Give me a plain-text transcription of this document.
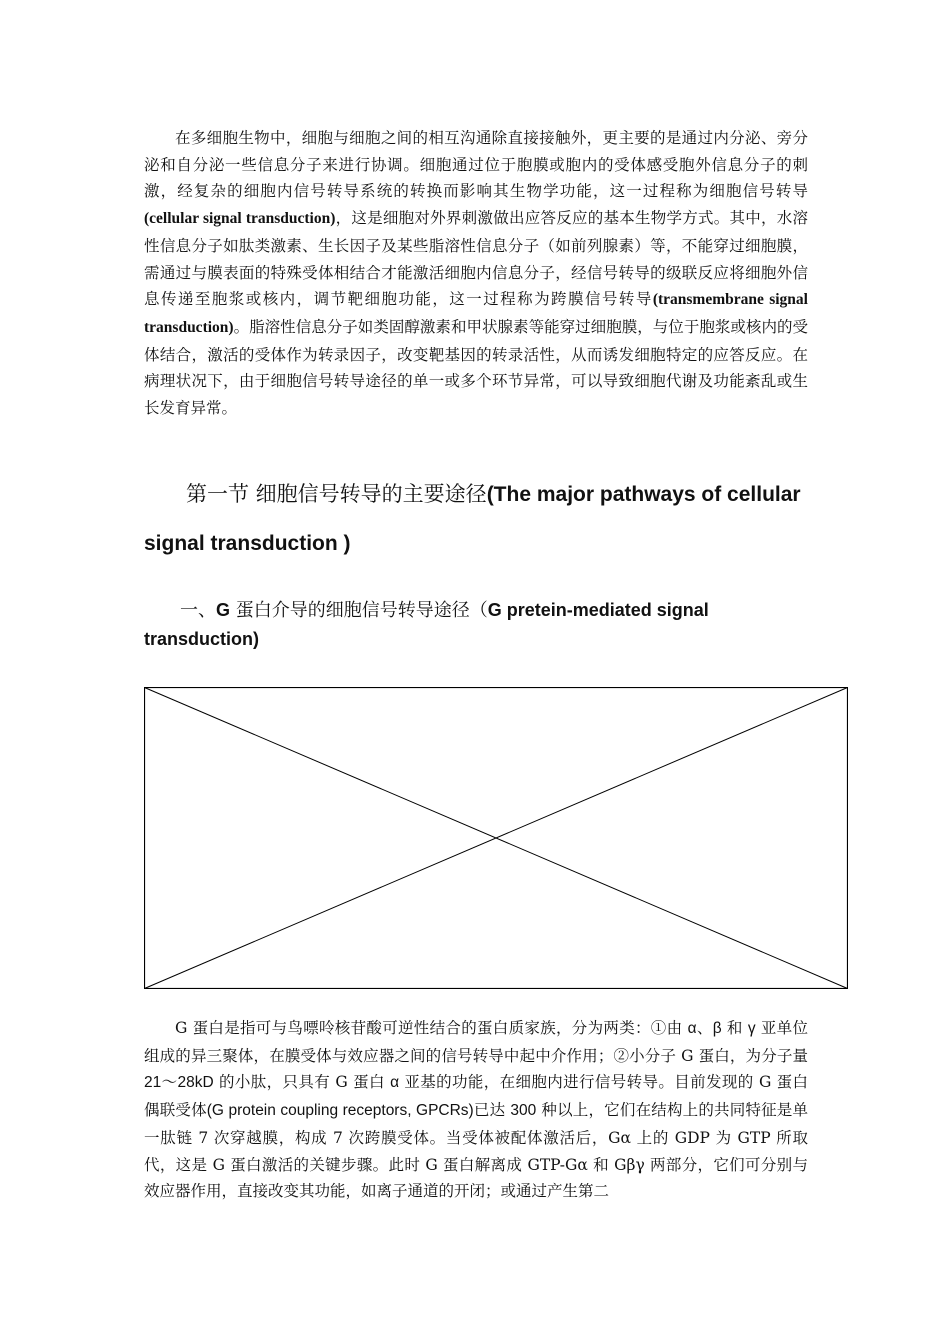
在多细胞生物中，细胞与细胞之间的相互沟通除直接接触外，更主要的是通过内分泌、旁分泌和自分泌一些信息分子来进行协调。细胞通过位于胞膜或胞内的受体感受胞外信息分子的刺激，经复杂的细胞内信号转导系统的转换而影响其生物学功能，这一过程称为细胞信号转导(cellular signal transduction)，这是细胞对外界刺激做出应答反应的基本生物学方式。其中，水溶性信息分子如肽类激素、生长因子及某些脂溶性信息分子（如前列腺素）等，不能穿过细胞膜，需通过与膜表面的特殊受体相结合才能激活细胞内信息分子，经信号转导的级联反应将细胞外信息传递至胞浆或核内，调节靶细胞功能，这一过程称为跨膜信号转导(transmembrane signal transduction)。脂溶性信息分子如类固醇激素和甲状腺素等能穿过细胞膜，与位于胞浆或核内的受体结合，激活的受体作为转录因子，改变靶基因的转录活性，从而诱发细胞特定的应答反应。在病理状况下，由于细胞信号转导途径的单一或多个环节异常，可以导致细胞代谢及功能紊乱或生长发育异常。

第一节 细胞信号转导的主要途径(The major pathways of cellular signal transduction )
一、G 蛋白介导的细胞信号转导途径（G pretein-mediated signal transduction)

G 蛋白是指可与鸟嘌呤核苷酸可逆性结合的蛋白质家族，分为两类：①由 α、β 和 γ 亚单位组成的异三聚体，在膜受体与效应器之间的信号转导中起中介作用；②小分子 G 蛋白，为分子量 21～28kD 的小肽，只具有 G 蛋白 α 亚基的功能，在细胞内进行信号转导。目前发现的 G 蛋白偶联受体(G protein coupling receptors, GPCRs)已达 300 种以上，它们在结构上的共同特征是单一肽链 7 次穿越膜，构成 7 次跨膜受体。当受体被配体激活后，Gα 上的 GDP 为 GTP 所取代，这是 G 蛋白激活的关键步骤。此时 G 蛋白解离成 GTP-Gα 和 Gβγ 两部分，它们可分别与效应器作用，直接改变其功能，如离子通道的开闭；或通过产生第二
